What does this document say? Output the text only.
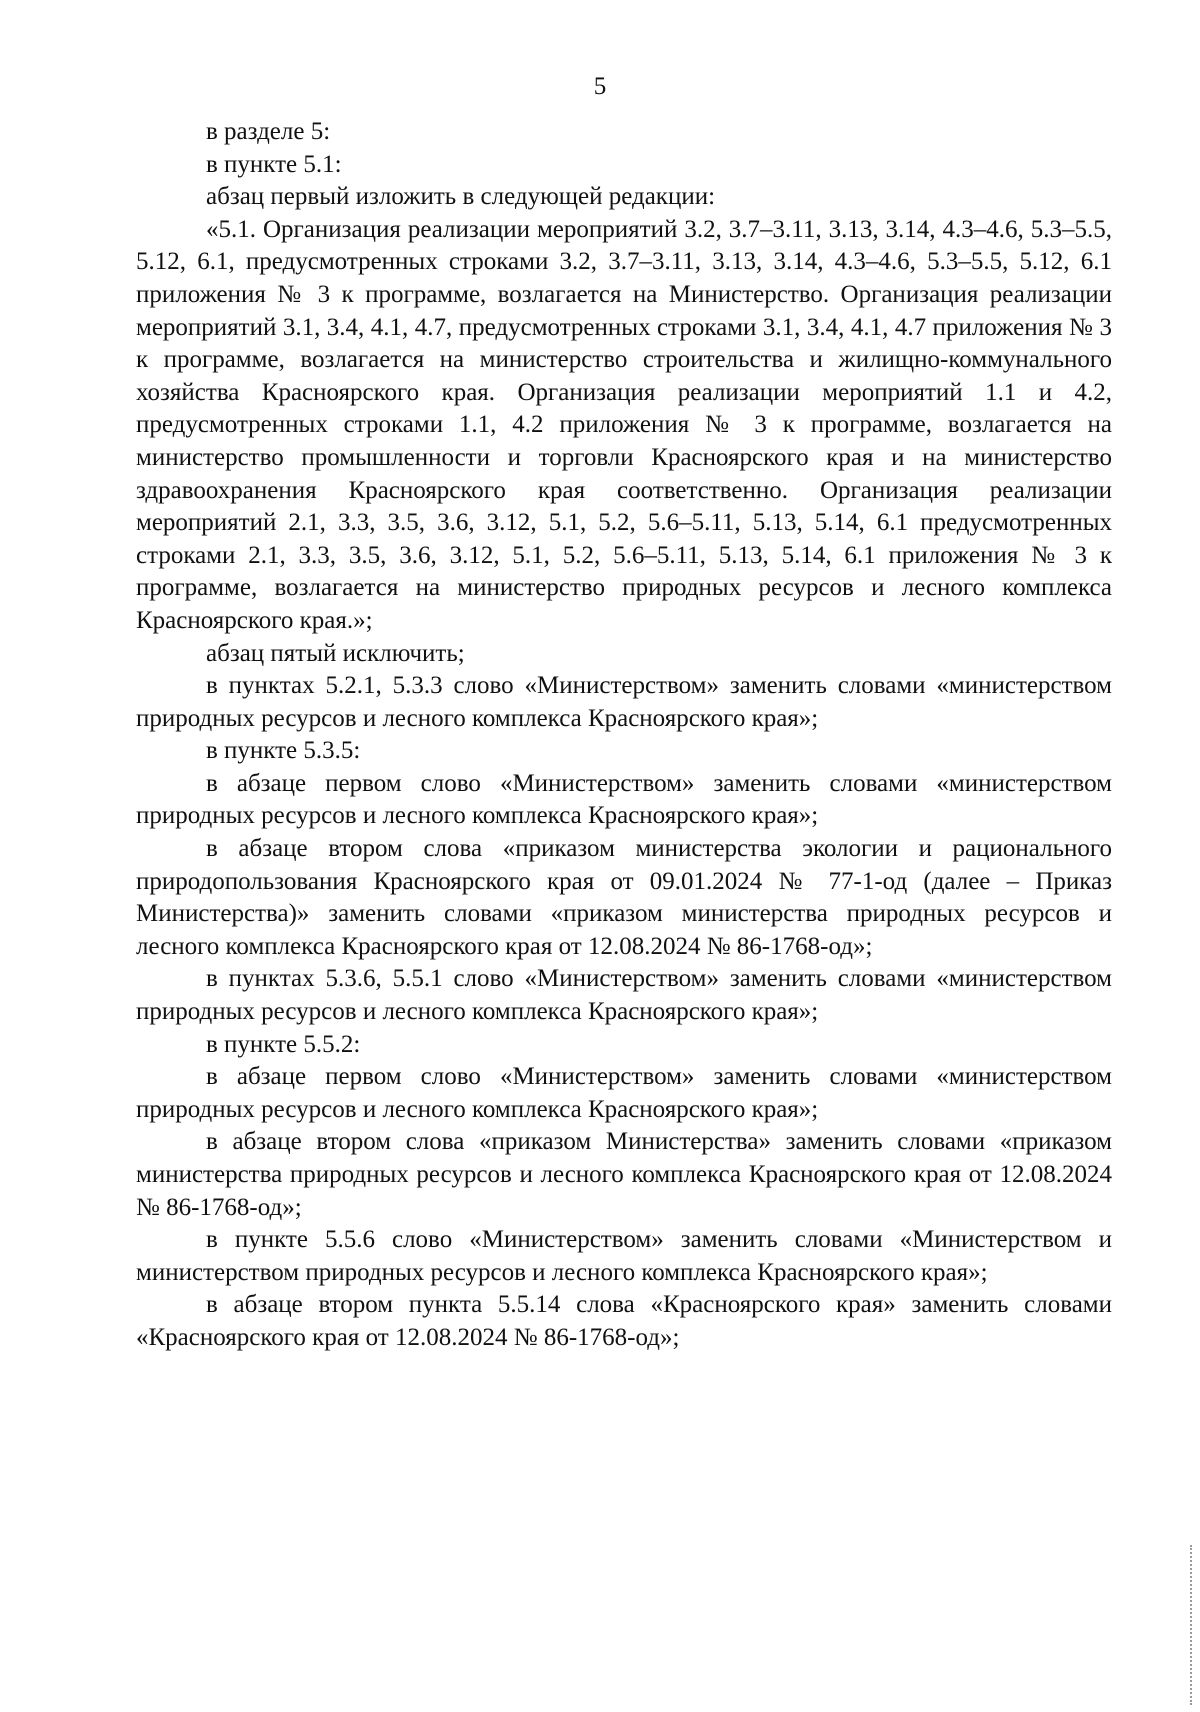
5

в разделе 5:

в пункте 5.1:

абзац первый изложить в следующей редакции:

«5.1. Организация реализации мероприятий 3.2, 3.7–3.11, 3.13, 3.14, 4.3–4.6, 5.3–5.5, 5.12, 6.1, предусмотренных строками 3.2, 3.7–3.11, 3.13, 3.14, 4.3–4.6, 5.3–5.5, 5.12, 6.1 приложения № 3 к программе, возлагается на Министерство. Организация реализации мероприятий 3.1, 3.4, 4.1, 4.7, предусмотренных строками 3.1, 3.4, 4.1, 4.7 приложения № 3 к программе, возлагается на министерство строительства и жилищно-коммунального хозяйства Красноярского края. Организация реализации мероприятий 1.1 и 4.2, предусмотренных строками 1.1, 4.2 приложения № 3 к программе, возлагается на министерство промышленности и торговли Красноярского края и на министерство здравоохранения Красноярского края соответственно. Организация реализации мероприятий 2.1, 3.3, 3.5, 3.6, 3.12, 5.1, 5.2, 5.6–5.11, 5.13, 5.14, 6.1 предусмотренных строками 2.1, 3.3, 3.5, 3.6, 3.12, 5.1, 5.2, 5.6–5.11, 5.13, 5.14, 6.1 приложения № 3 к программе, возлагается на министерство природных ресурсов и лесного комплекса Красноярского края.»;

абзац пятый исключить;

в пунктах 5.2.1, 5.3.3 слово «Министерством» заменить словами «министерством природных ресурсов и лесного комплекса Красноярского края»;

в пункте 5.3.5:

в абзаце первом слово «Министерством» заменить словами «министерством природных ресурсов и лесного комплекса Красноярского края»;

в абзаце втором слова «приказом министерства экологии и рационального природопользования Красноярского края от 09.01.2024 № 77-1-од (далее – Приказ Министерства)» заменить словами «приказом министерства природных ресурсов и лесного комплекса Красноярского края от 12.08.2024 № 86-1768-од»;

в пунктах 5.3.6, 5.5.1 слово «Министерством» заменить словами «министерством природных ресурсов и лесного комплекса Красноярского края»;

в пункте 5.5.2:

в абзаце первом слово «Министерством» заменить словами «министерством природных ресурсов и лесного комплекса Красноярского края»;

в абзаце втором слова «приказом Министерства» заменить словами «приказом министерства природных ресурсов и лесного комплекса Красноярского края от 12.08.2024 № 86-1768-од»;

в пункте 5.5.6 слово «Министерством» заменить словами «Министерством и министерством природных ресурсов и лесного комплекса Красноярского края»;

в абзаце втором пункта 5.5.14 слова «Красноярского края» заменить словами «Красноярского края от 12.08.2024 № 86-1768-од»;
